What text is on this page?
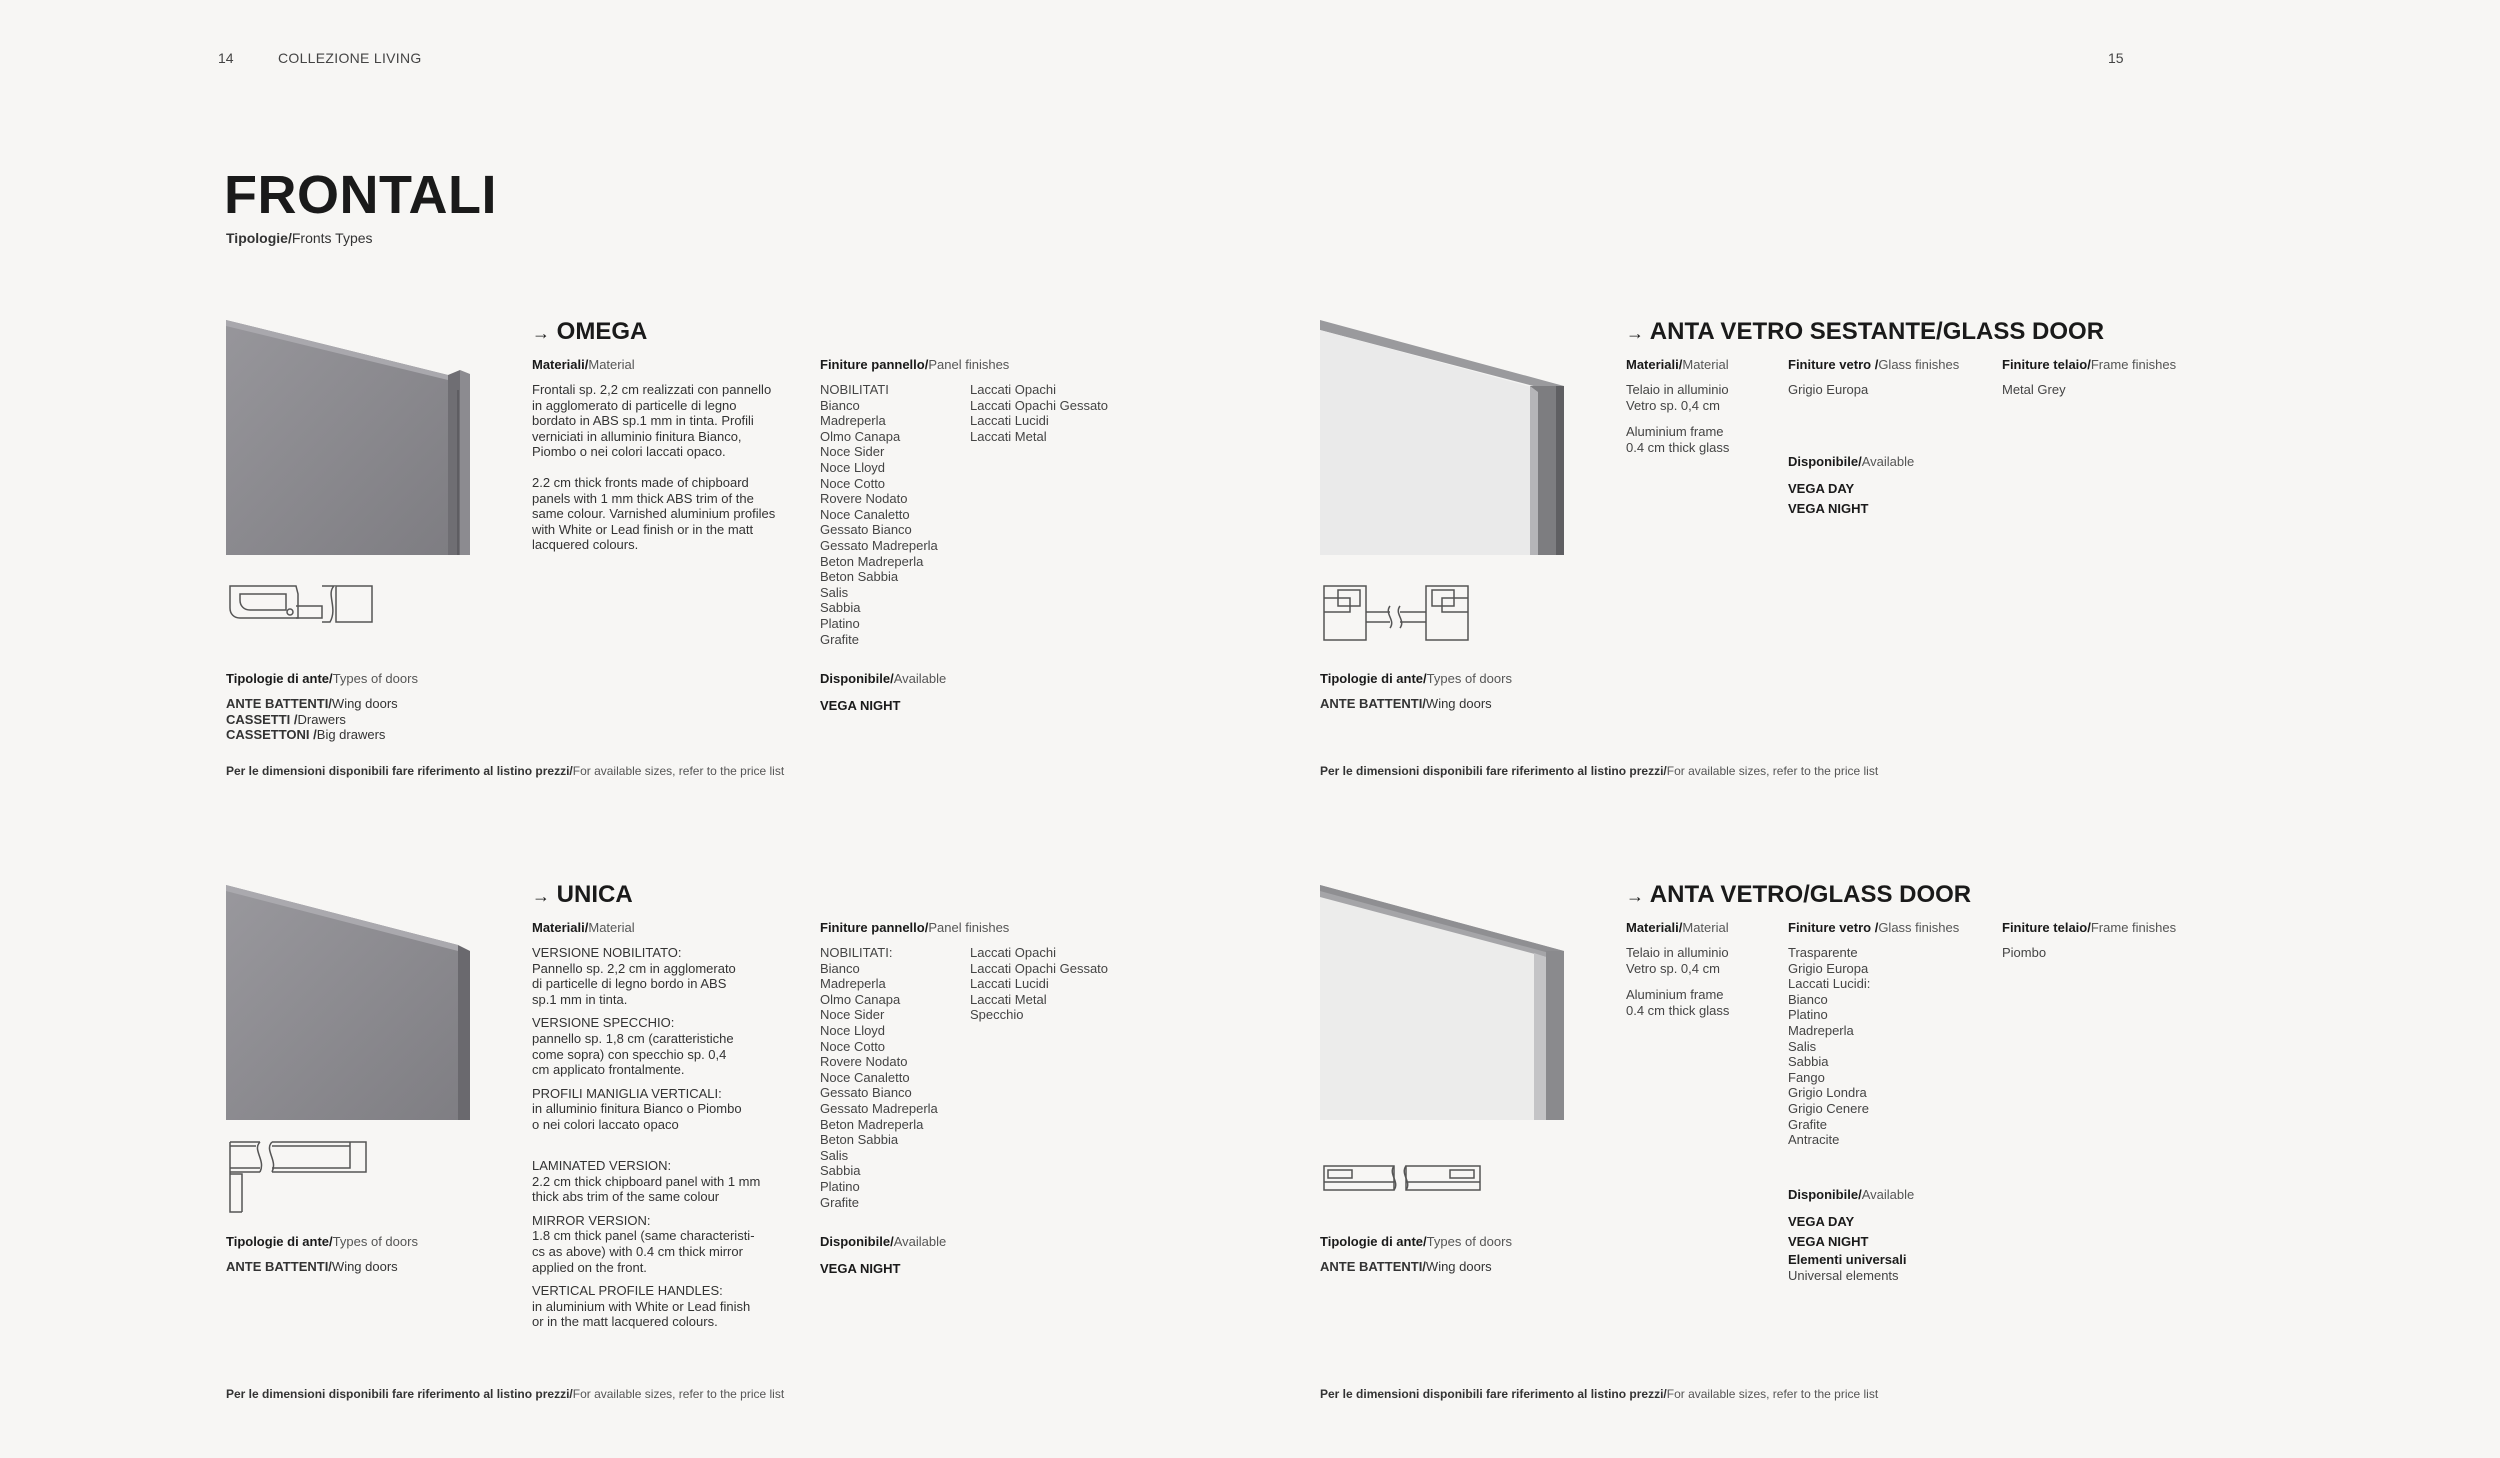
14	COLLEZIONE LIVING	15
FRONTALI
Tipologie/Fronts Types
→ OMEGA
Materiali/Material

Frontali sp. 2,2 cm realizzati con pannello in agglomerato di particelle di legno bordato in ABS sp.1 mm in tinta. Profili verniciati in alluminio finitura Bianco, Piombo o nei colori laccati opaco.

2.2 cm thick fronts made of chipboard panels with 1 mm thick ABS trim of the same colour. Varnished aluminium profiles with White or Lead finish or in the matt lacquered colours.

Finiture pannello/Panel finishes
NOBILITATI
Bianco
Madreperla
Olmo Canapa
Noce Sider
Noce Lloyd
Noce Cotto
Rovere Nodato
Noce Canaletto
Gessato Bianco
Gessato Madreperla
Beton Madreperla
Beton Sabbia
Salis
Sabbia
Platino
Grafite
Laccati Opachi
Laccati Opachi Gessato
Laccati Lucidi
Laccati Metal
Tipologie di ante/Types of doors
ANTE BATTENTI/Wing doors
CASSETTI /Drawers
CASSETTONI /Big drawers
Disponibile/Available
VEGA NIGHT
Per le dimensioni disponibili fare riferimento al listino prezzi/For available sizes, refer to the price list
→ ANTA VETRO SESTANTE/GLASS DOOR
Materiali/Material
Telaio in alluminio
Vetro sp. 0,4 cm
Aluminium frame
0.4 cm thick glass
Finiture vetro /Glass finishes
Grigio Europa
Finiture telaio/Frame finishes
Metal Grey
Disponibile/Available
VEGA DAY
VEGA NIGHT
Tipologie di ante/Types of doors
ANTE BATTENTI/Wing doors
Per le dimensioni disponibili fare riferimento al listino prezzi/For available sizes, refer to the price list
→ UNICA
Materiali/Material
VERSIONE NOBILITATO:
Pannello sp. 2,2 cm in agglomerato
di particelle di legno bordo in ABS
sp.1 mm in tinta.
VERSIONE SPECCHIO:
pannello sp. 1,8 cm (caratteristiche
come sopra) con specchio sp. 0,4
cm applicato frontalmente.
PROFILI MANIGLIA VERTICALI:
in alluminio finitura Bianco o Piombo
o nei colori laccato opaco
LAMINATED VERSION:
2.2 cm thick chipboard panel with 1 mm
thick abs trim of the same colour
MIRROR VERSION:
1.8 cm thick panel (same characteristi-
cs as above) with 0.4 cm thick mirror
applied on the front.
VERTICAL PROFILE HANDLES:
in aluminium with White or Lead finish
or in the matt lacquered colours.
Finiture pannello/Panel finishes
NOBILITATI:
Bianco
Madreperla
Olmo Canapa
Noce Sider
Noce Lloyd
Noce Cotto
Rovere Nodato
Noce Canaletto
Gessato Bianco
Gessato Madreperla
Beton Madreperla
Beton Sabbia
Salis
Sabbia
Platino
Grafite
Laccati Opachi
Laccati Opachi Gessato
Laccati Lucidi
Laccati Metal
Specchio
Tipologie di ante/Types of doors
ANTE BATTENTI/Wing doors
Disponibile/Available
VEGA NIGHT
Per le dimensioni disponibili fare riferimento al listino prezzi/For available sizes, refer to the price list
→ ANTA VETRO/GLASS DOOR
Materiali/Material
Telaio in alluminio
Vetro sp. 0,4 cm
Aluminium frame
0.4 cm thick glass
Finiture vetro /Glass finishes
Trasparente
Grigio Europa
Laccati Lucidi:
Bianco
Platino
Madreperla
Salis
Sabbia
Fango
Grigio Londra
Grigio Cenere
Grafite
Antracite
Finiture telaio/Frame finishes
Piombo
Disponibile/Available
VEGA DAY
VEGA NIGHT
Elementi universali
Universal elements
Tipologie di ante/Types of doors
ANTE BATTENTI/Wing doors
Per le dimensioni disponibili fare riferimento al listino prezzi/For available sizes, refer to the price list
